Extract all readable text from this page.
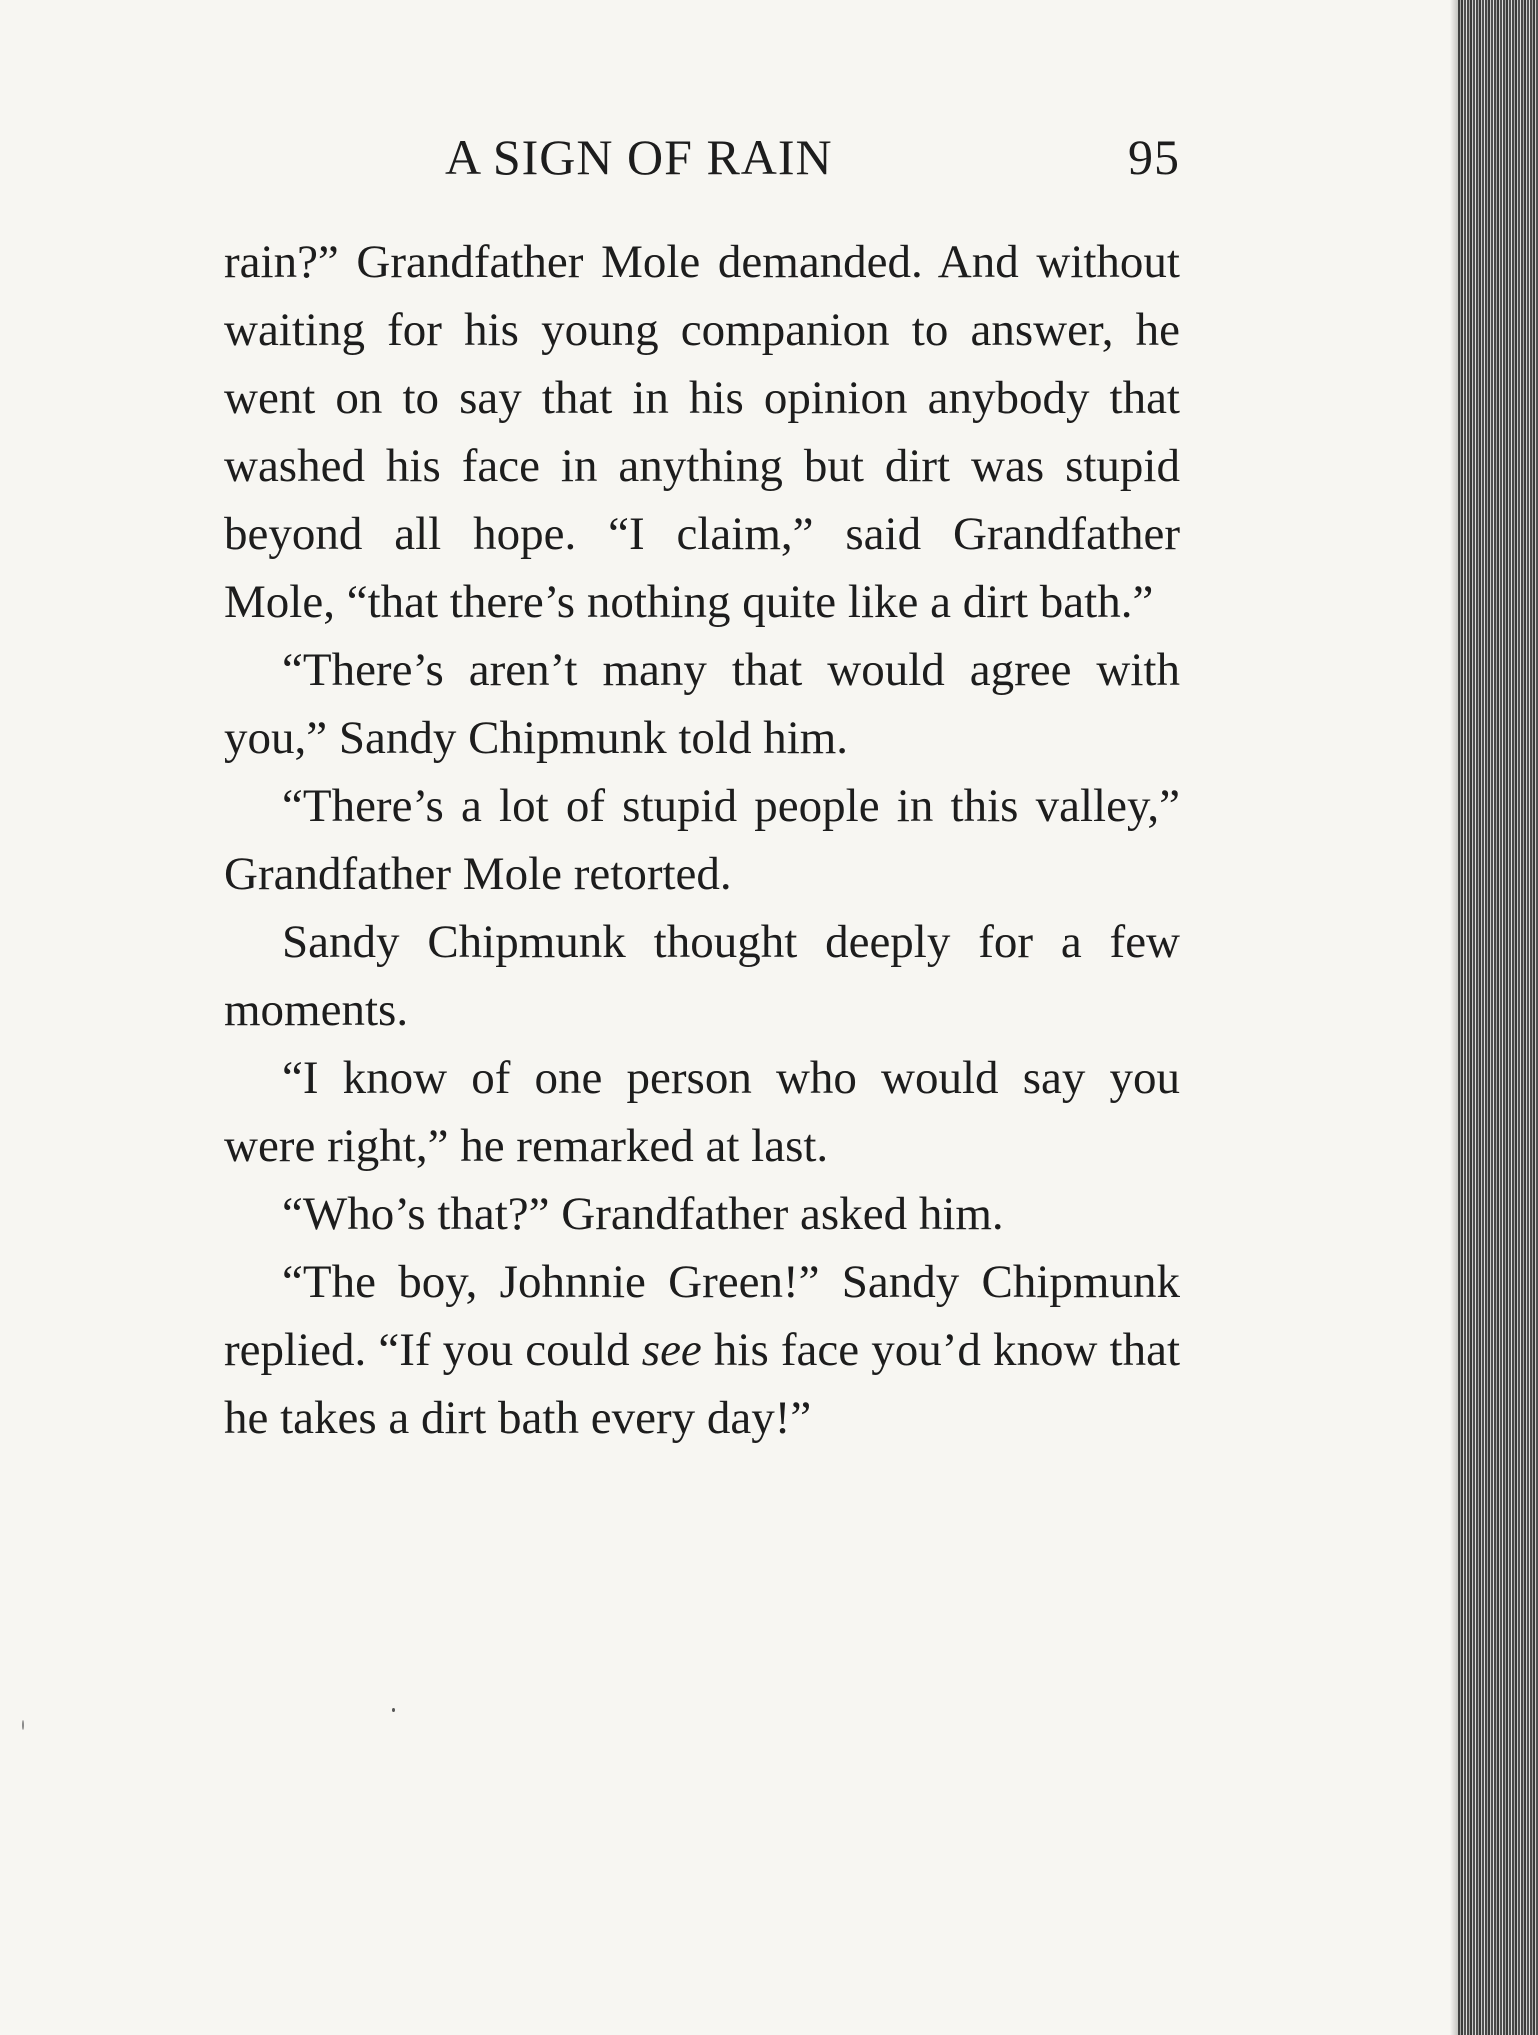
A SIGN OF RAIN	95

rain?” Grandfather Mole demanded. And without waiting for his young companion to answer, he went on to say that in his opinion anybody that washed his face in anything but dirt was stupid beyond all hope. “I claim,” said Grandfather Mole, “that there’s nothing quite like a dirt bath.”

“There’s aren’t many that would agree with you,” Sandy Chipmunk told him.

“There’s a lot of stupid people in this valley,” Grandfather Mole retorted.

Sandy Chipmunk thought deeply for a few moments.

“I know of one person who would say you were right,” he remarked at last.

“Who’s that?” Grandfather asked him.

“The boy, Johnnie Green!” Sandy Chipmunk replied. “If you could see his face you’d know that he takes a dirt bath every day!”
